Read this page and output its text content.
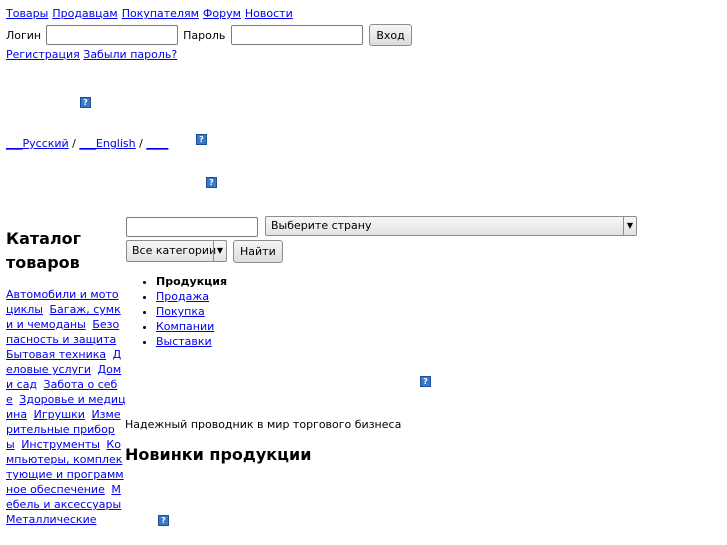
Товары Продавцам Покупателям Форум Новости
Логин	Пароль	Вход
Регистрация Забыли пароль?
?
?
?
?
?
___Русский / ___English / ____
Каталог товаров
Автомобили и мотоциклы Багаж, сумки и чемоданы Безопасность и защита Бытовая техника Деловые услуги Дом и сад Забота о себе Здоровье и медицина Игрушки Измерительные приборы Инструменты Компьютеры, комплектующие и программное обеспечение Мебель и аксессуары Металлические
Выберите страну	▼
Все категории ▼	Найти
• Продукция
• Продажа
• Покупка
• Компании
• Выставки
Надежный проводник в мир торгового бизнеса
Новинки продукции
